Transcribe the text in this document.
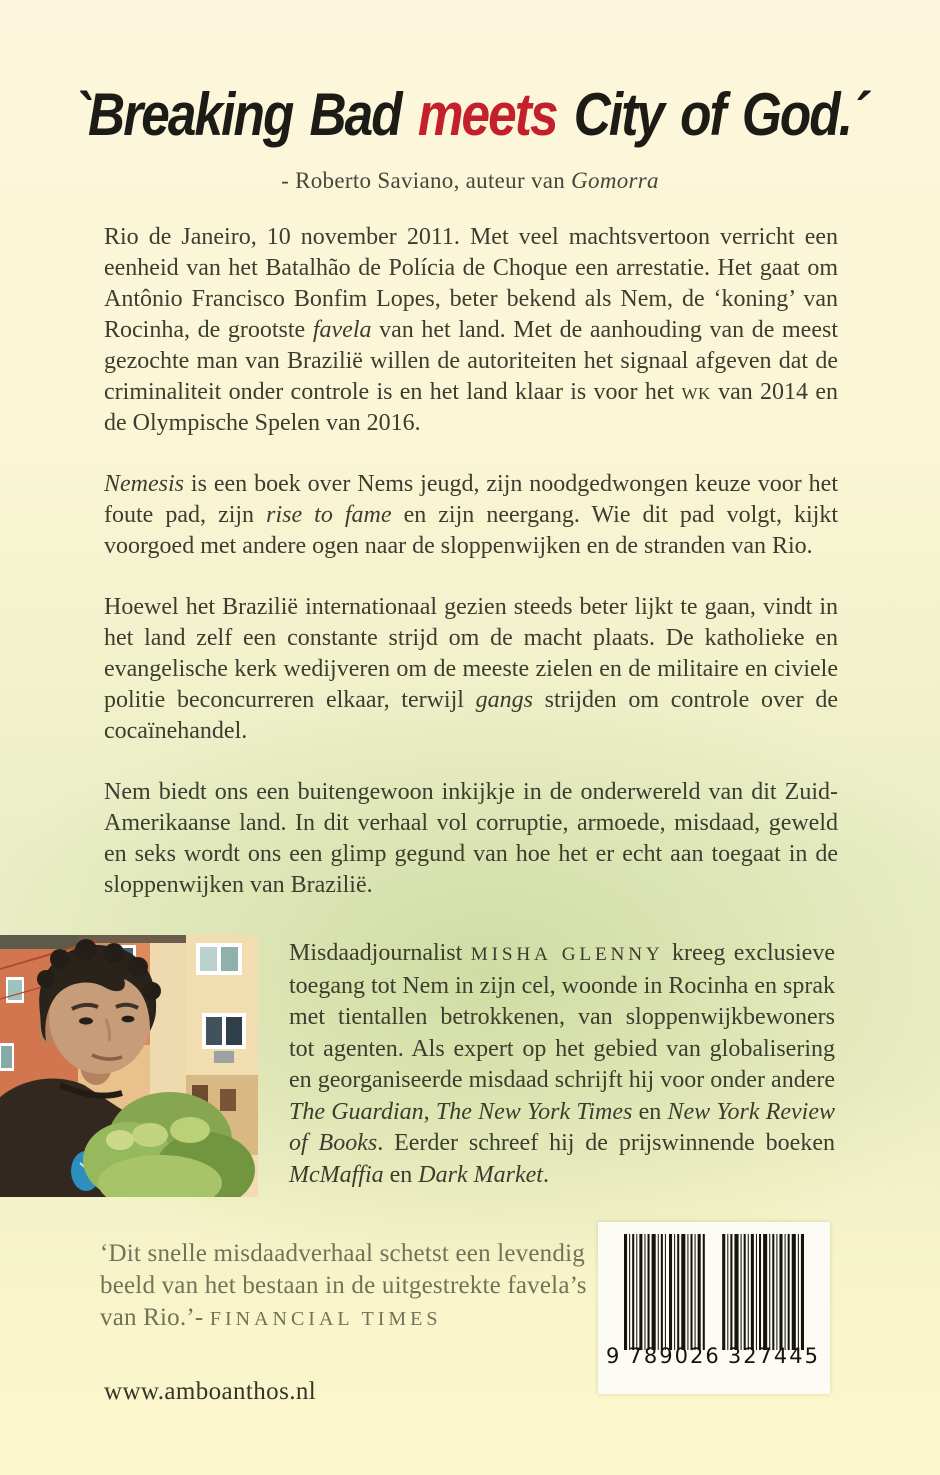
`Breaking Bad meets City of God.´
- Roberto Saviano, auteur van Gomorra

Rio de Janeiro, 10 november 2011. Met veel machtsvertoon verricht een eenheid van het Batalhão de Polícia de Choque een arrestatie. Het gaat om Antônio Francisco Bonfim Lopes, beter bekend als Nem, de ‘koning’ van Rocinha, de grootste favela van het land. Met de aanhouding van de meest gezochte man van Brazilië willen de autoriteiten het signaal afgeven dat de criminaliteit onder controle is en het land klaar is voor het wk van 2014 en de Olympische Spelen van 2016.

Nemesis is een boek over Nems jeugd, zijn noodgedwongen keuze voor het foute pad, zijn rise to fame en zijn neergang. Wie dit pad volgt, kijkt voorgoed met andere ogen naar de sloppenwijken en de stranden van Rio.

Hoewel het Brazilië internationaal gezien steeds beter lijkt te gaan, vindt in het land zelf een constante strijd om de macht plaats. De katholieke en evangelische kerk wedijveren om de meeste zielen en de militaire en civiele politie beconcurreren elkaar, terwijl gangs strijden om controle over de cocaïnehandel.

Nem biedt ons een buitengewoon inkijkje in de onderwereld van dit Zuid-Amerikaanse land. In dit verhaal vol corruptie, armoede, misdaad, geweld en seks wordt ons een glimp gegund van hoe het er echt aan toegaat in de sloppenwijken van Brazilië.

Misdaadjournalist MISHA GLENNY kreeg exclusieve toegang tot Nem in zijn cel, woonde in Rocinha en sprak met tientallen betrokkenen, van sloppenwijkbewoners tot agenten. Als expert op het gebied van globalisering en georganiseerde misdaad schrijft hij voor onder andere The Guardian, The New York Times en New York Review of Books. Eerder schreef hij de prijswinnende boeken McMaffia en Dark Market.
‘Dit snelle misdaadverhaal schetst een levendig beeld van het bestaan in de uitgestrekte favela’s van Rio.’- FINANCIAL TIMES
9 789026 327445
www.amboanthos.nl
